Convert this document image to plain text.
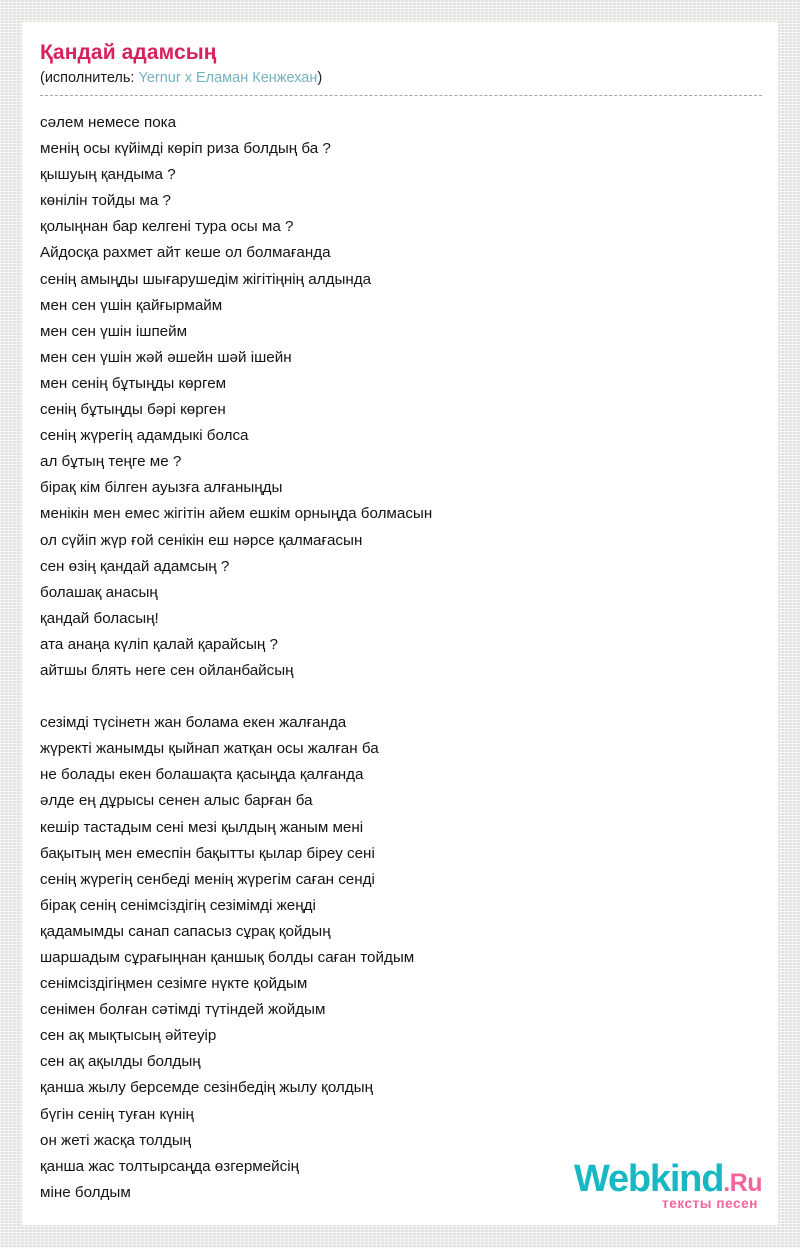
Қандай адамсың
(исполнитель: Yernur x Еламан Кенжехан)
сәлем немесе пока
менің осы күйімді көріп риза болдың ба ?
қышуың қандыма ?
көнілін тойды ма ?
қолыңнан бар келгені тура осы ма ?
Айдосқа рахмет айт кеше ол болмағанда
сенің амыңды шығарушедім жігітіңнің алдында
мен сен үшін қайғырмайм
мен сен үшін ішпейм
мен сен үшін жәй әшейн шәй ішейн
мен сенің бұтыңды көргем
сенің бұтыңды бәрі көрген
сенің жүрегің адамдыкі болса
ал бұтың теңге ме ?
бірақ кім білген ауызға алғаныңды
менікін мен емес жігітін айем ешкім орныңда болмасын
ол сүйіп жүр ғой сенікін еш нәрсе қалмағасын
сен өзің қандай адамсың ?
болашақ анасың
қандай боласың!
ата анаңа күліп қалай қарайсың ?
айтшы блять неге сен ойланбайсың

сезімді түсінетн жан болама екен жалғанда
жүректі жанымды қыйнап жатқан осы жалған ба
не болады екен болашақта қасыңда қалғанда
әлде ең дұрысы сенен алыс барған ба
кешір тастадым сені мезі қылдың жаным мені
бақытың мен емеспін бақытты қылар біреу сені
сенің жүрегің сенбеді менің жүрегім саған сенді
бірақ сенің сенімсіздігің сезімімді жеңді
қадамымды санап сапасыз сұрақ қойдың
шаршадым сұрағыңнан қаншық болды саған тойдым
сенімсіздігіңмен сезімге нүкте қойдым
сенімен болған сәтімді түтіндей жойдым
сен ақ мықтысың әйтеуір
сен ақ ақылды болдың
қанша жылу берсемде сезінбедің жылу қолдың
бүгін сенің туған күнің
он жеті жасқа толдың
қанша жас толтырсаңда өзгермейсің
міне болдым	Webkind.Ru
тексты песен
